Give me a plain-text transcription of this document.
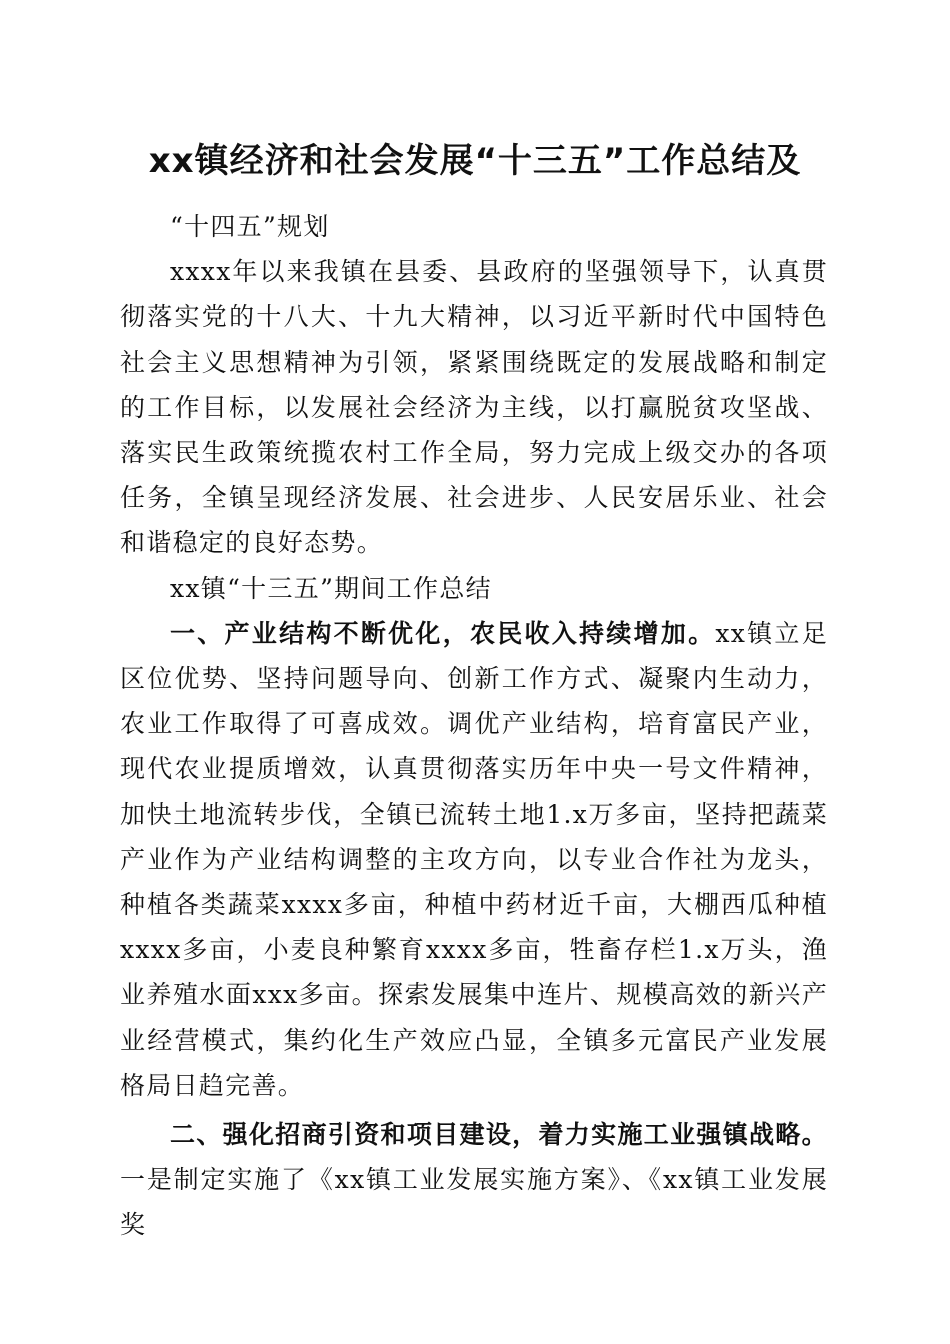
xx镇经济和社会发展“十三五”工作总结及

“十四五”规划

xxxx年以来我镇在县委、县政府的坚强领导下，认真贯彻落实党的十八大、十九大精神，以习近平新时代中国特色社会主义思想精神为引领，紧紧围绕既定的发展战略和制定的工作目标，以发展社会经济为主线，以打赢脱贫攻坚战、落实民生政策统揽农村工作全局，努力完成上级交办的各项任务，全镇呈现经济发展、社会进步、人民安居乐业、社会和谐稳定的良好态势。

xx镇“十三五”期间工作总结

一、产业结构不断优化，农民收入持续增加。xx镇立足区位优势、坚持问题导向、创新工作方式、凝聚内生动力，农业工作取得了可喜成效。调优产业结构，培育富民产业，现代农业提质增效，认真贯彻落实历年中央一号文件精神，加快土地流转步伐，全镇已流转土地1.x万多亩，坚持把蔬菜产业作为产业结构调整的主攻方向，以专业合作社为龙头，种植各类蔬菜xxxx多亩，种植中药材近千亩，大棚西瓜种植xxxx多亩，小麦良种繁育xxxx多亩，牲畜存栏1.x万头，渔业养殖水面xxx多亩。探索发展集中连片、规模高效的新兴产业经营模式，集约化生产效应凸显，全镇多元富民产业发展格局日趋完善。

二、强化招商引资和项目建设，着力实施工业强镇战略。一是制定实施了《xx镇工业发展实施方案》、《xx镇工业发展奖
